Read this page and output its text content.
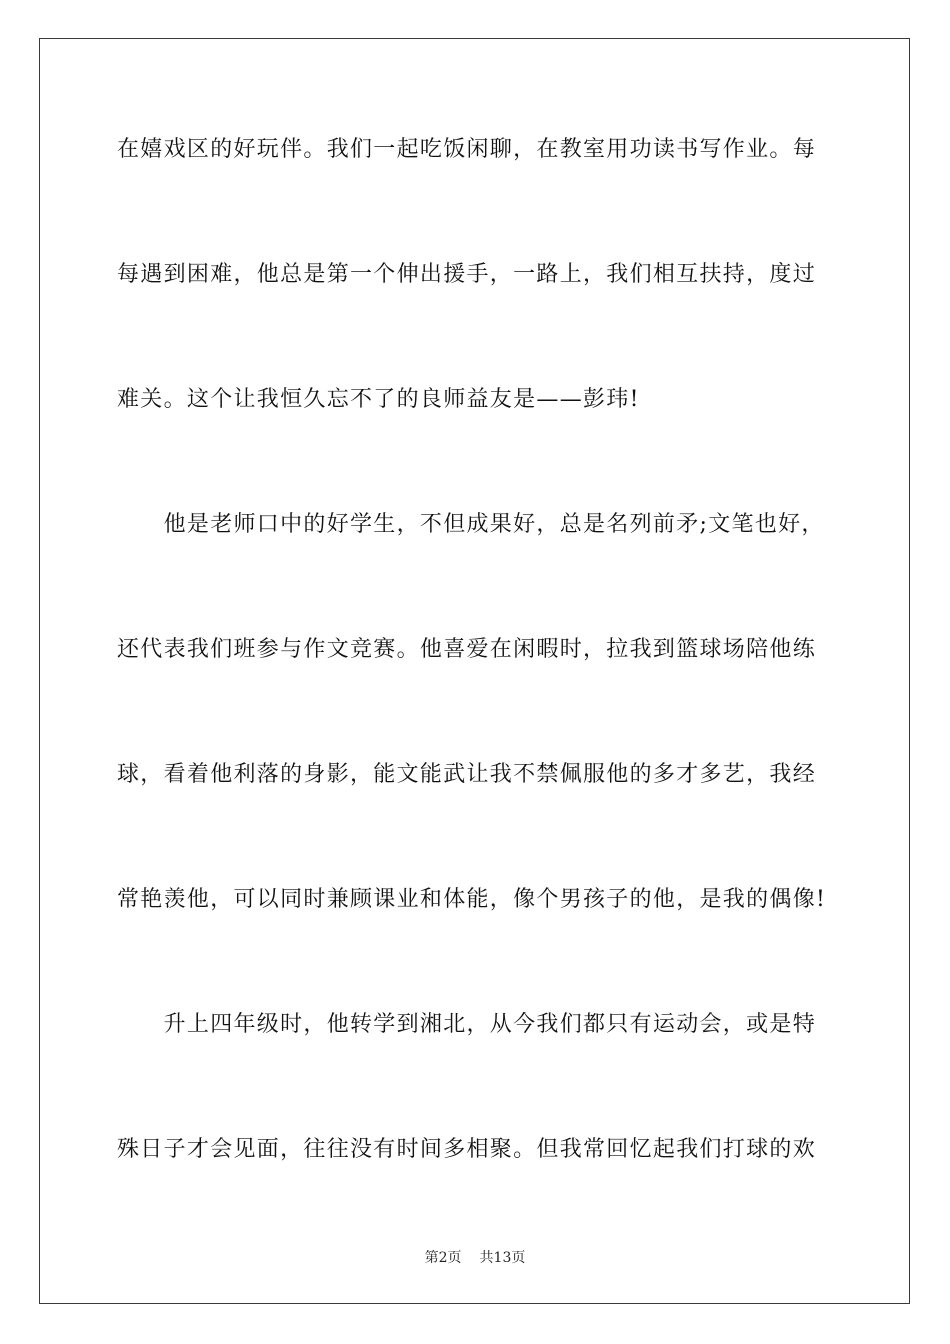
在嬉戏区的好玩伴。我们一起吃饭闲聊，在教室用功读书写作业。每
每遇到困难，他总是第一个伸出援手，一路上，我们相互扶持，度过
难关。这个让我恒久忘不了的良师益友是——彭玮!
　　他是老师口中的好学生，不但成果好，总是名列前矛;文笔也好，
还代表我们班参与作文竞赛。他喜爱在闲暇时，拉我到篮球场陪他练
球，看着他利落的身影，能文能武让我不禁佩服他的多才多艺，我经
常艳羡他，可以同时兼顾课业和体能，像个男孩子的他，是我的偶像!
　　升上四年级时，他转学到湘北，从今我们都只有运动会，或是特
殊日子才会见面，往往没有时间多相聚。但我常回忆起我们打球的欢
第2页 共13页
